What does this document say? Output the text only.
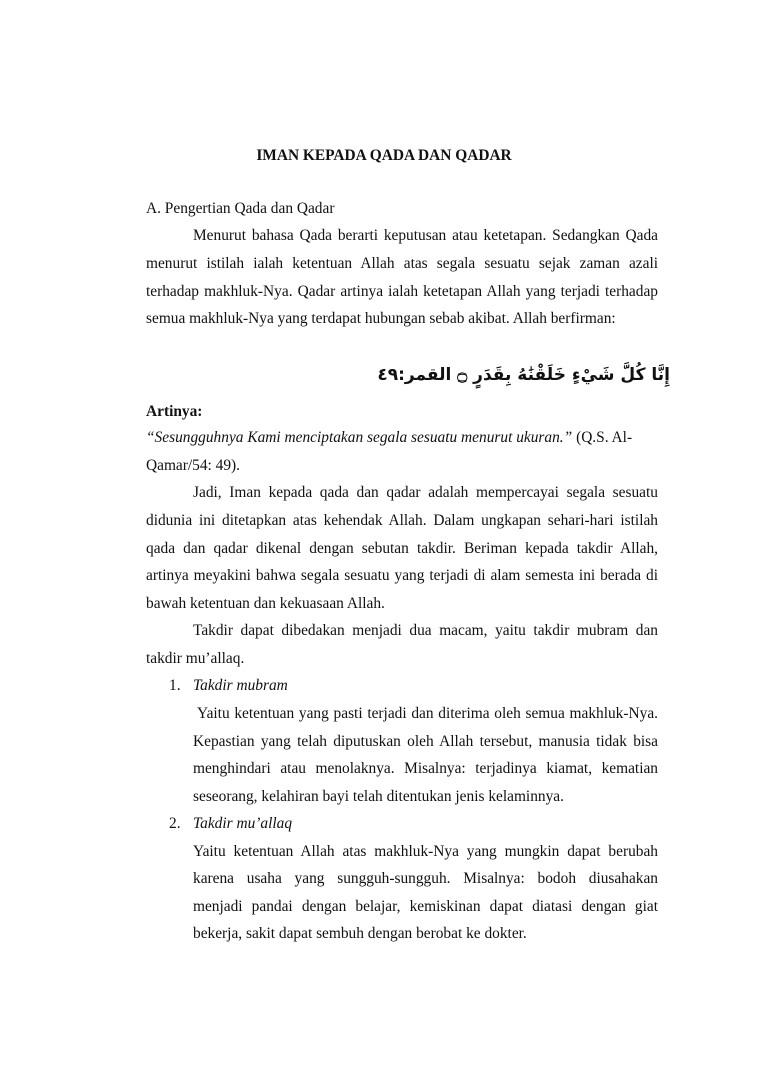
IMAN KEPADA QADA DAN QADAR
A. Pengertian Qada dan Qadar
Menurut bahasa Qada berarti keputusan atau ketetapan. Sedangkan Qada
menurut istilah ialah ketentuan Allah atas segala sesuatu sejak zaman azali
terhadap makhluk-Nya. Qadar artinya ialah ketetapan Allah yang terjadi terhadap
semua makhluk-Nya yang terdapat hubungan sebab akibat. Allah berfirman:
إِنَّا كُلَّ شَيْءٍ خَلَقْنَٰهُ بِقَدَرٍ ۝ القمر:٤٩
Artinya:
“Sesungguhnya Kami menciptakan segala sesuatu menurut ukuran.” (Q.S. Al-
Qamar/54: 49).
Jadi, Iman kepada qada dan qadar adalah mempercayai segala sesuatu
didunia ini ditetapkan atas kehendak Allah. Dalam ungkapan sehari-hari istilah
qada dan qadar dikenal dengan sebutan takdir. Beriman kepada takdir Allah,
artinya meyakini bahwa segala sesuatu yang terjadi di alam semesta ini berada di
bawah ketentuan dan kekuasaan Allah.
Takdir dapat dibedakan menjadi dua macam, yaitu takdir mubram dan
takdir mu’allaq.
1. Takdir mubram
Yaitu ketentuan yang pasti terjadi dan diterima oleh semua makhluk-Nya.
Kepastian yang telah diputuskan oleh Allah tersebut, manusia tidak bisa
menghindari atau menolaknya. Misalnya: terjadinya kiamat, kematian
seseorang, kelahiran bayi telah ditentukan jenis kelaminnya.
2. Takdir mu’allaq
Yaitu ketentuan Allah atas makhluk-Nya yang mungkin dapat berubah
karena usaha yang sungguh-sungguh. Misalnya: bodoh diusahakan
menjadi pandai dengan belajar, kemiskinan dapat diatasi dengan giat
bekerja, sakit dapat sembuh dengan berobat ke dokter.
